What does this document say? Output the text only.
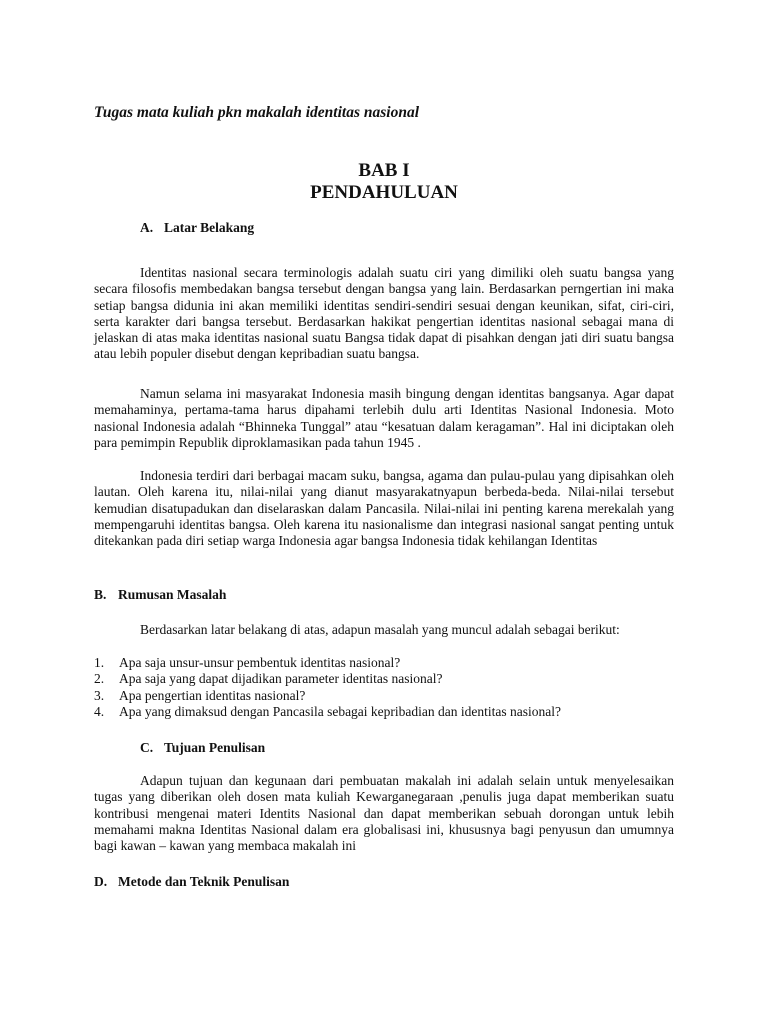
Tugas mata kuliah pkn makalah identitas nasional

BAB I
PENDAHULUAN
A. Latar Belakang

Identitas nasional secara terminologis adalah suatu ciri yang dimiliki oleh suatu bangsa yang secara filosofis membedakan bangsa tersebut dengan bangsa yang lain. Berdasarkan perngertian ini maka setiap bangsa didunia ini akan memiliki identitas sendiri-sendiri sesuai dengan keunikan, sifat, ciri-ciri, serta karakter dari bangsa tersebut. Berdasarkan hakikat pengertian identitas nasional sebagai mana di jelaskan di atas maka identitas nasional suatu Bangsa tidak dapat di pisahkan dengan jati diri suatu bangsa atau lebih populer disebut dengan kepribadian suatu bangsa.

Namun selama ini masyarakat Indonesia masih bingung dengan identitas bangsanya. Agar dapat memahaminya, pertama-tama harus dipahami terlebih dulu arti Identitas Nasional Indonesia. Moto nasional Indonesia adalah “Bhinneka Tunggal” atau “kesatuan dalam keragaman”. Hal ini diciptakan oleh para pemimpin Republik diproklamasikan pada tahun 1945 .

Indonesia terdiri dari berbagai macam suku, bangsa, agama dan pulau-pulau yang dipisahkan oleh lautan. Oleh karena itu, nilai-nilai yang dianut masyarakatnyapun berbeda-beda. Nilai-nilai tersebut kemudian disatupadukan dan diselaraskan dalam Pancasila. Nilai-nilai ini penting karena merekalah yang mempengaruhi identitas bangsa. Oleh karena itu nasionalisme dan integrasi nasional sangat penting untuk ditekankan pada diri setiap warga Indonesia agar bangsa Indonesia tidak kehilangan Identitas

B. Rumusan Masalah

Berdasarkan latar belakang di atas, adapun masalah yang muncul adalah sebagai berikut:

1. Apa saja unsur-unsur pembentuk identitas nasional?
2. Apa saja yang dapat dijadikan parameter identitas nasional?
3. Apa pengertian identitas nasional?
4. Apa yang dimaksud dengan Pancasila sebagai kepribadian dan identitas nasional?
C. Tujuan Penulisan

Adapun tujuan dan kegunaan dari pembuatan makalah ini adalah selain untuk menyelesaikan tugas yang diberikan oleh dosen mata kuliah Kewarganegaraan ,penulis juga dapat memberikan suatu kontribusi mengenai materi Identits Nasional dan dapat memberikan sebuah dorongan untuk lebih memahami makna Identitas Nasional dalam era globalisasi ini, khususnya bagi penyusun dan umumnya bagi kawan – kawan yang membaca makalah ini

D. Metode dan Teknik Penulisan
